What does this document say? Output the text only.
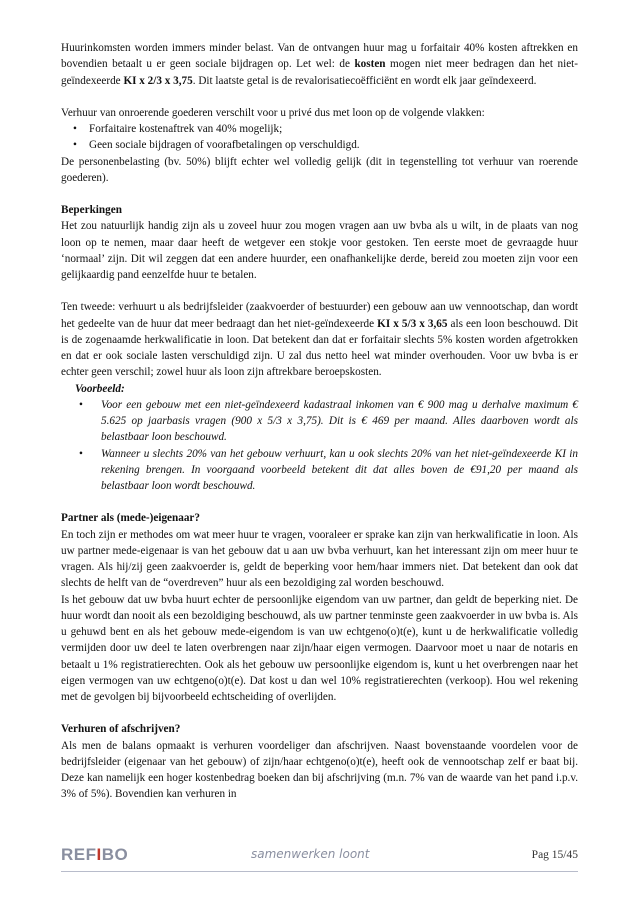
Huurinkomsten worden immers minder belast. Van de ontvangen huur mag u forfaitair 40% kosten aftrekken en bovendien betaalt u er geen sociale bijdragen op. Let wel: de kosten mogen niet meer bedragen dan het niet-geïndexeerde KI x 2/3 x 3,75. Dit laatste getal is de revalorisatiecoëfficiënt en wordt elk jaar geïndexeerd.

Verhuur van onroerende goederen verschilt voor u privé dus met loon op de volgende vlakken:

• Forfaitaire kostenaftrek van 40% mogelijk;
• Geen sociale bijdragen of voorafbetalingen op verschuldigd.

De personenbelasting (bv. 50%) blijft echter wel volledig gelijk (dit in tegenstelling tot verhuur van roerende goederen).

Beperkingen

Het zou natuurlijk handig zijn als u zoveel huur zou mogen vragen aan uw bvba als u wilt, in de plaats van nog loon op te nemen, maar daar heeft de wetgever een stokje voor gestoken. Ten eerste moet de gevraagde huur ‘normaal’ zijn. Dit wil zeggen dat een andere huurder, een onafhankelijke derde, bereid zou moeten zijn voor een gelijkaardig pand eenzelfde huur te betalen.

Ten tweede: verhuurt u als bedrijfsleider (zaakvoerder of bestuurder) een gebouw aan uw vennootschap, dan wordt het gedeelte van de huur dat meer bedraagt dan het niet-geïndexeerde KI x 5/3 x 3,65 als een loon beschouwd. Dit is de zogenaamde herkwalificatie in loon. Dat betekent dan dat er forfaitair slechts 5% kosten worden afgetrokken en dat er ook sociale lasten verschuldigd zijn. U zal dus netto heel wat minder overhouden. Voor uw bvba is er echter geen verschil; zowel huur als loon zijn aftrekbare beroepskosten.

Voorbeeld:
• Voor een gebouw met een niet-geïndexeerd kadastraal inkomen van € 900 mag u derhalve maximum € 5.625 op jaarbasis vragen (900 x 5/3 x 3,75). Dit is € 469 per maand. Alles daarboven wordt als belastbaar loon beschouwd.
• Wanneer u slechts 20% van het gebouw verhuurt, kan u ook slechts 20% van het niet-geïndexeerde KI in rekening brengen. In voorgaand voorbeeld betekent dit dat alles boven de €91,20 per maand als belastbaar loon wordt beschouwd.

Partner als (mede-)eigenaar?

En toch zijn er methodes om wat meer huur te vragen, vooraleer er sprake kan zijn van herkwalificatie in loon. Als uw partner mede-eigenaar is van het gebouw dat u aan uw bvba verhuurt, kan het interessant zijn om meer huur te vragen. Als hij/zij geen zaakvoerder is, geldt de beperking voor hem/haar immers niet. Dat betekent dan ook dat slechts de helft van de “overdreven” huur als een bezoldiging zal worden beschouwd.

Is het gebouw dat uw bvba huurt echter de persoonlijke eigendom van uw partner, dan geldt de beperking niet. De huur wordt dan nooit als een bezoldiging beschouwd, als uw partner tenminste geen zaakvoerder in uw bvba is. Als u gehuwd bent en als het gebouw mede-eigendom is van uw echtgeno(o)t(e), kunt u de herkwalificatie volledig vermijden door uw deel te laten overbrengen naar zijn/haar eigen vermogen. Daarvoor moet u naar de notaris en betaalt u 1% registratierechten. Ook als het gebouw uw persoonlijke eigendom is, kunt u het overbrengen naar het eigen vermogen van uw echtgeno(o)t(e). Dat kost u dan wel 10% registratierechten (verkoop). Hou wel rekening met de gevolgen bij bijvoorbeeld echtscheiding of overlijden.

Verhuren of afschrijven?

Als men de balans opmaakt is verhuren voordeliger dan afschrijven. Naast bovenstaande voordelen voor de bedrijfsleider (eigenaar van het gebouw) of zijn/haar echtgeno(o)t(e), heeft ook de vennootschap zelf er baat bij. Deze kan namelijk een hoger kostenbedrag boeken dan bij afschrijving (m.n. 7% van de waarde van het pand i.p.v. 3% of 5%). Bovendien kan verhuren in

REFIBO	samenwerken loont	Pag 15/45
